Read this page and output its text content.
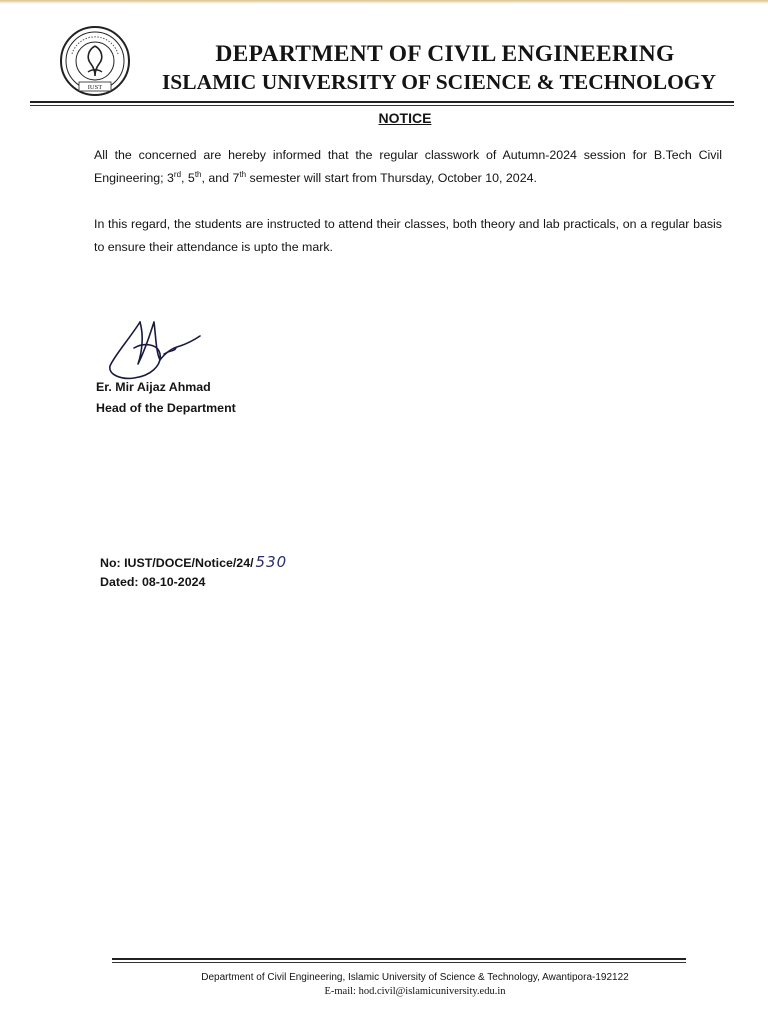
IUST
DEPARTMENT OF CIVIL ENGINEERING
ISLAMIC UNIVERSITY OF SCIENCE & TECHNOLOGY
NOTICE

All the concerned are hereby informed that the regular classwork of Autumn-2024 session for B.Tech Civil Engineering; 3rd, 5th, and 7th semester will start from Thursday, October 10, 2024.

In this regard, the students are instructed to attend their classes, both theory and lab practicals, on a regular basis to ensure their attendance is upto the mark.

Er. Mir Aijaz Ahmad

Head of the Department

No: IUST/DOCE/Notice/24/ 530

Dated: 08-10-2024

Department of Civil Engineering, Islamic University of Science & Technology, Awantipora-192122

E-mail: hod.civil@islamicuniversity.edu.in
